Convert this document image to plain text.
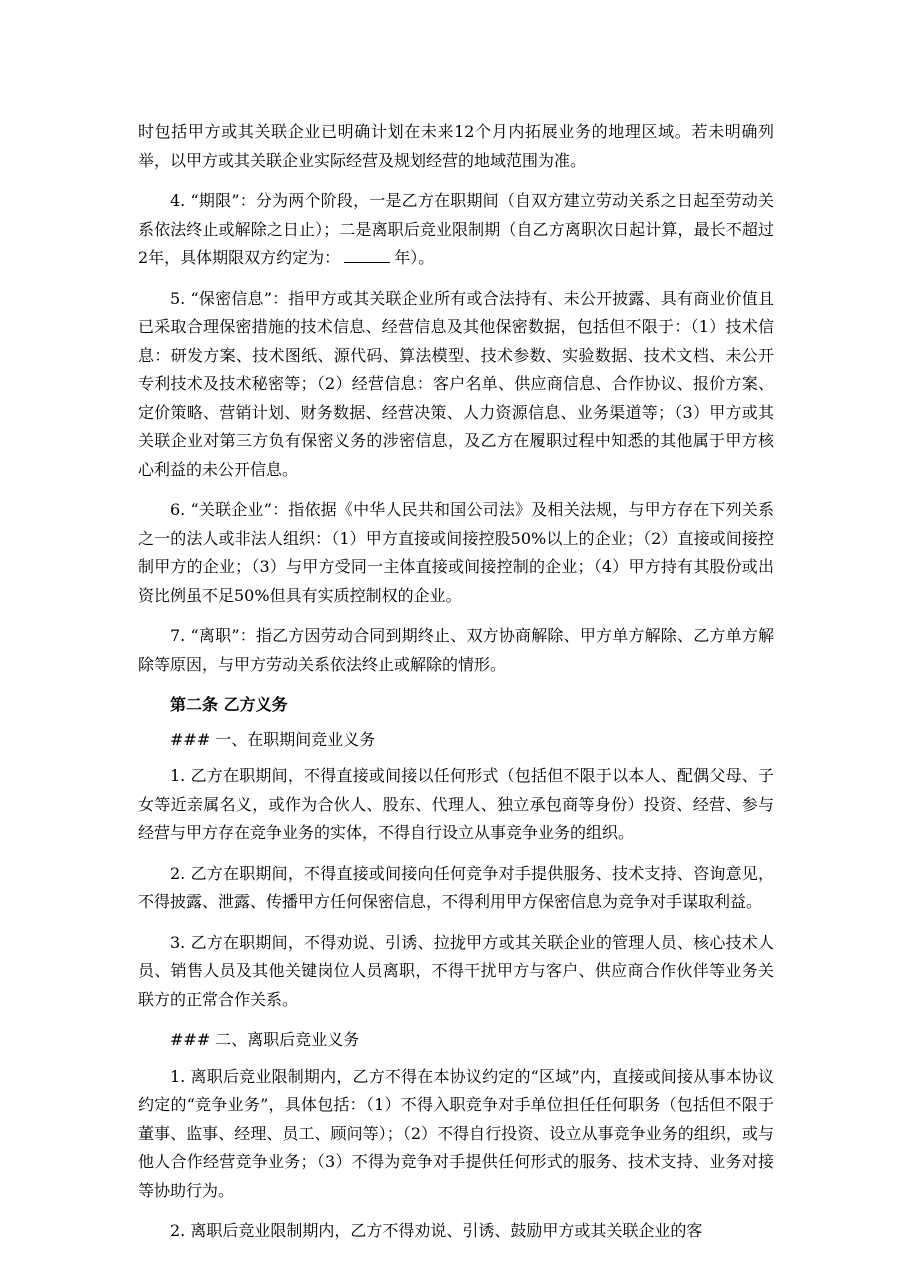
时包括甲方或其关联企业已明确计划在未来12个月内拓展业务的地理区域。若未明确列举，以甲方或其关联企业实际经营及规划经营的地域范围为准。

4. “期限”：分为两个阶段，一是乙方在职期间（自双方建立劳动关系之日起至劳动关系依法终止或解除之日止）；二是离职后竞业限制期（自乙方离职次日起计算，最长不超过2年，具体期限双方约定为：	年）。

5. “保密信息”：指甲方或其关联企业所有或合法持有、未公开披露、具有商业价值且已采取合理保密措施的技术信息、经营信息及其他保密数据，包括但不限于：（1）技术信息：研发方案、技术图纸、源代码、算法模型、技术参数、实验数据、技术文档、未公开专利技术及技术秘密等；（2）经营信息：客户名单、供应商信息、合作协议、报价方案、定价策略、营销计划、财务数据、经营决策、人力资源信息、业务渠道等；（3）甲方或其关联企业对第三方负有保密义务的涉密信息，及乙方在履职过程中知悉的其他属于甲方核心利益的未公开信息。

6. “关联企业”：指依据《中华人民共和国公司法》及相关法规，与甲方存在下列关系之一的法人或非法人组织：（1）甲方直接或间接控股50%以上的企业；（2）直接或间接控制甲方的企业；（3）与甲方受同一主体直接或间接控制的企业；（4）甲方持有其股份或出资比例虽不足50%但具有实质控制权的企业。

7. “离职”：指乙方因劳动合同到期终止、双方协商解除、甲方单方解除、乙方单方解除等原因，与甲方劳动关系依法终止或解除的情形。

第二条 乙方义务

### 一、在职期间竞业义务

1. 乙方在职期间，不得直接或间接以任何形式（包括但不限于以本人、配偶父母、子女等近亲属名义，或作为合伙人、股东、代理人、独立承包商等身份）投资、经营、参与经营与甲方存在竞争业务的实体，不得自行设立从事竞争业务的组织。

2. 乙方在职期间，不得直接或间接向任何竞争对手提供服务、技术支持、咨询意见，不得披露、泄露、传播甲方任何保密信息，不得利用甲方保密信息为竞争对手谋取利益。

3. 乙方在职期间，不得劝说、引诱、拉拢甲方或其关联企业的管理人员、核心技术人员、销售人员及其他关键岗位人员离职，不得干扰甲方与客户、供应商合作伙伴等业务关联方的正常合作关系。

### 二、离职后竞业义务

1. 离职后竞业限制期内，乙方不得在本协议约定的“区域”内，直接或间接从事本协议约定的“竞争业务”，具体包括：（1）不得入职竞争对手单位担任任何职务（包括但不限于董事、监事、经理、员工、顾问等）；（2）不得自行投资、设立从事竞争业务的组织，或与他人合作经营竞争业务；（3）不得为竞争对手提供任何形式的服务、技术支持、业务对接等协助行为。

2. 离职后竞业限制期内，乙方不得劝说、引诱、鼓励甲方或其关联企业的客
